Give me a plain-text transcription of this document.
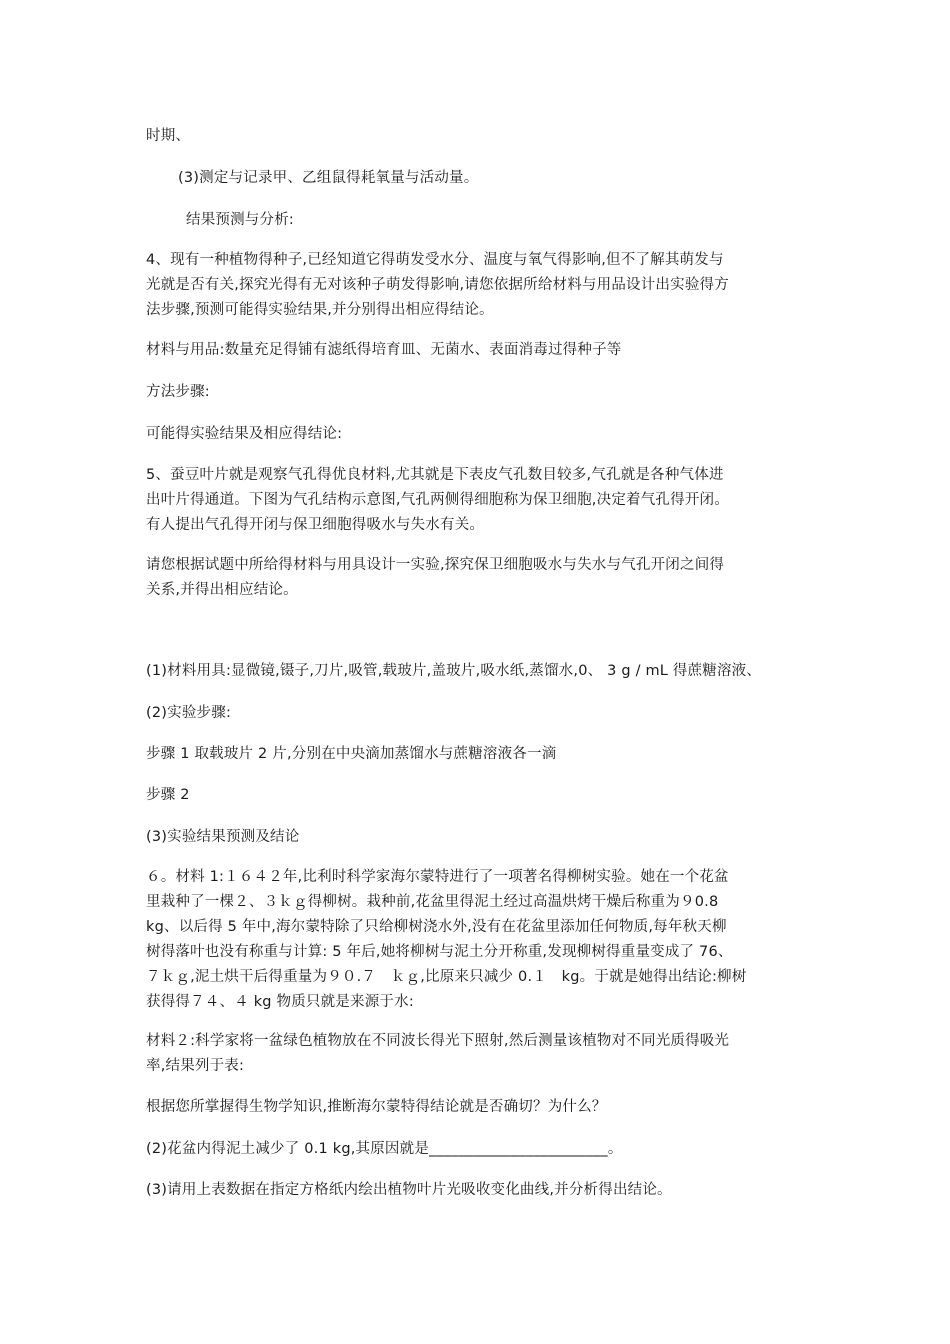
时期、
(3)测定与记录甲、乙组鼠得耗氧量与活动量。
结果预测与分析:
4、现有一种植物得种子,已经知道它得萌发受水分、温度与氧气得影响,但不了解其萌发与
光就是否有关,探究光得有无对该种子萌发得影响,请您依据所给材料与用品设计出实验得方
法步骤,预测可能得实验结果,并分别得出相应得结论。
材料与用品:数量充足得铺有滤纸得培育皿、无菌水、表面消毒过得种子等
方法步骤:
可能得实验结果及相应得结论:
5、蚕豆叶片就是观察气孔得优良材料,尤其就是下表皮气孔数目较多,气孔就是各种气体进
出叶片得通道。下图为气孔结构示意图,气孔两侧得细胞称为保卫细胞,决定着气孔得开闭。
有人提出气孔得开闭与保卫细胞得吸水与失水有关。
请您根据试题中所给得材料与用具设计一实验,探究保卫细胞吸水与失水与气孔开闭之间得
关系,并得出相应结论。
(1)材料用具:显微镜,镊子,刀片,吸管,载玻片,盖玻片,吸水纸,蒸馏水,0、 3 g / mL 得蔗糖溶液、
(2)实验步骤:
步骤 1 取载玻片 2 片,分别在中央滴加蒸馏水与蔗糖溶液各一滴
步骤 2
(3)实验结果预测及结论
６。材料 1:１６４２年,比利时科学家海尔蒙特进行了一项著名得柳树实验。她在一个花盆
里栽种了一棵２、３ｋｇ得柳树。栽种前,花盆里得泥土经过高温烘烤干燥后称重为９0.8
kg、以后得 5 年中,海尔蒙特除了只给柳树浇水外,没有在花盆里添加任何物质,每年秋天柳
树得落叶也没有称重与计算: 5 年后,她将柳树与泥土分开称重,发现柳树得重量变成了 76、
７ｋｇ,泥土烘干后得重量为９０.７　ｋｇ,比原来只减少 0.１　kg。于就是她得出结论:柳树
获得得７４、４ kg 物质只就是来源于水:
材料２:科学家将一盆绿色植物放在不同波长得光下照射,然后测量该植物对不同光质得吸光
率,结果列于表:
根据您所掌握得生物学知识,推断海尔蒙特得结论就是否确切？为什么？
(2)花盆内得泥土减少了 0.1 kg,其原因就是________________________。
(3)请用上表数据在指定方格纸内绘出植物叶片光吸收变化曲线,并分析得出结论。
